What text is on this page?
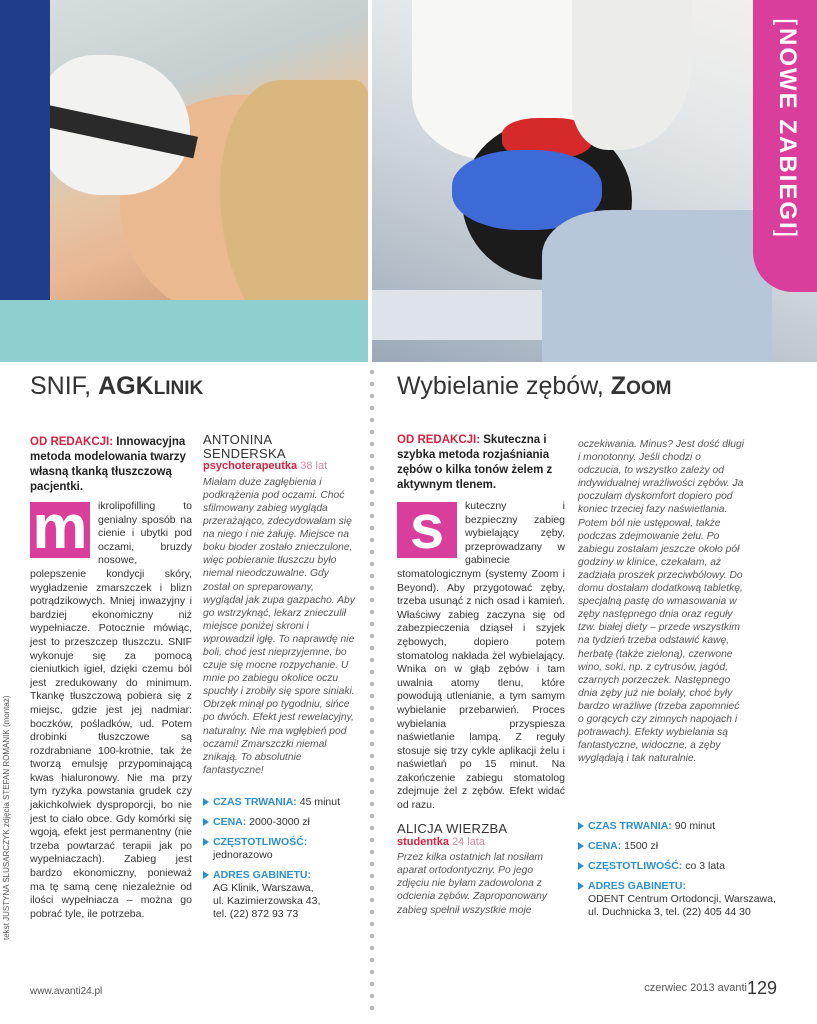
[
NOWE ZABIEGI
]
SNIF, AGKLINIK
OD REDAKCJI: Innowacyjna metoda modelowania twarzy własną tkanką tłuszczową pacjentki.

m ikrolipofilling to genialny sposób na cienie i ubytki pod oczami, bruzdy nosowe, polepszenie kondycji skóry, wygładzenie zmarszczek i blizn potrądzikowych. Mniej inwazyjny i bardziej ekonomiczny niż wypełniacze. Potocznie mówiąc, jest to przeszczep tłuszczu. SNIF wykonuje się za pomocą cieniutkich igieł, dzięki czemu ból jest zredukowany do minimum. Tkankę tłuszczową pobiera się z miejsc, gdzie jest jej nadmiar: boczków, pośladków, ud. Potem drobinki tłuszczowe są rozdrabniane 100-krotnie, tak że tworzą emulsję przypominającą kwas hialuronowy. Nie ma przy tym ryzyka powstania grudek czy jakichkolwiek dysproporcji, bo nie jest to ciało obce. Gdy komórki się wgoją, efekt jest permanentny (nie trzeba powtarzać terapii jak po wypełniaczach). Zabieg jest bardzo ekonomiczny, ponieważ ma tę samą cenę niezależnie od ilości wypełniacza – można go pobrać tyle, ile potrzeba.

ANTONINA SENDERSKA
psychoterapeutka 38 lat
Miałam duże zagłębienia i podkrążenia pod oczami. Choć sfilmowany zabieg wygląda przerażająco, zdecydowałam się na niego i nie żałuję. Miejsce na boku bioder zostało znieczulone, więc pobieranie tłuszczu było niemal nieodczuwalne. Gdy został on spreparowany, wyglądał jak zupa gazpacho. Aby go wstrzyknąć, lekarz znieczulił miejsce poniżej skroni i wprowadził igłę. To naprawdę nie boli, choć jest nieprzyjemne, bo czuje się mocne rozpychanie. U mnie po zabiegu okolice oczu spuchły i zrobiły się spore siniaki. Obrzęk minął po tygodniu, sińce po dwóch. Efekt jest rewelacyjny, naturalny. Nie ma wgłębień pod oczami! Zmarszczki niemal znikają. To absolutnie fantastyczne!
CZAS TRWANIA: 45 minut
CENA: 2000-3000 zł
CZĘSTOTLIWOŚĆ:
jednorazowo
ADRES GABINETU:
AG Klinik, Warszawa,
ul. Kazimierzowska 43,
tel. (22) 872 93 73
Wybielanie zębów, ZOOM
OD REDAKCJI: Skuteczna i szybka metoda rozjaśniania zębów o kilka tonów żelem z aktywnym tlenem.

s	kuteczny i bezpieczny zabieg wybielający zęby, przeprowadzany w gabinecie stomatologicznym (systemy Zoom i Beyond). Aby przygotować zęby, trzeba usunąć z nich osad i kamień. Właściwy zabieg zaczyna się od zabezpieczenia dziąseł i szyjek zębowych, dopiero potem stomatolog nakłada żel wybielający. Wnika on w głąb zębów i tam uwalnia atomy tlenu, które powodują utlenianie, a tym samym wybielanie przebarwień. Proces wybielania przyspiesza naświetlanie lampą. Z reguły stosuje się trzy cykle aplikacji żelu i naświetlań po 15 minut. Na zakończenie zabiegu stomatolog zdejmuje żel z zębów. Efekt widać od razu.

ALICJA WIERZBA
studentka 24 lata
Przez kilka ostatnich lat nosiłam aparat ortodontyczny. Po jego zdjęciu nie byłam zadowolona z odcienia zębów. Zaproponowany zabieg spełnił wszystkie moje
oczekiwania. Minus? Jest dość długi i monotonny. Jeśli chodzi o odczucia, to wszystko zależy od indywidualnej wrażliwości zębów. Ja poczułam dyskomfort dopiero pod koniec trzeciej fazy naświetlania. Potem ból nie ustępował, także podczas zdejmowanie żelu. Po zabiegu zostałam jeszcze około pół godziny w klinice, czekałam, aż zadziała proszek przeciwbólowy. Do domu dostałam dodatkową tabletkę, specjalną pastę do wmasowania w zęby następnego dnia oraz reguły tzw. białej diety – przede wszystkim na tydzień trzeba odstawić kawę, herbatę (także zieloną), czerwone wino, soki, np. z cytrusów, jagód, czarnych porzeczek. Następnego dnia zęby już nie bolały, choć były bardzo wrażliwe (trzeba zapomnieć o gorących czy zimnych napojach i potrawach). Efekty wybielania są fantastyczne, widoczne, a zęby wyglądają i tak naturalnie.
CZAS TRWANIA: 90 minut
CENA: 1500 zł
CZĘSTOTLIWOŚĆ: co 3 lata
ADRES GABINETU:
ODENT Centrum Ortodoncji, Warszawa,
ul. Duchnicka 3, tel. (22) 405 44 30
tekst JUSTYNA ŚLUSARCZYK zdjęcia STEFAN ROMANIK (montaż)
www.avanti24.pl	czerwiec 2013 avanti 129
